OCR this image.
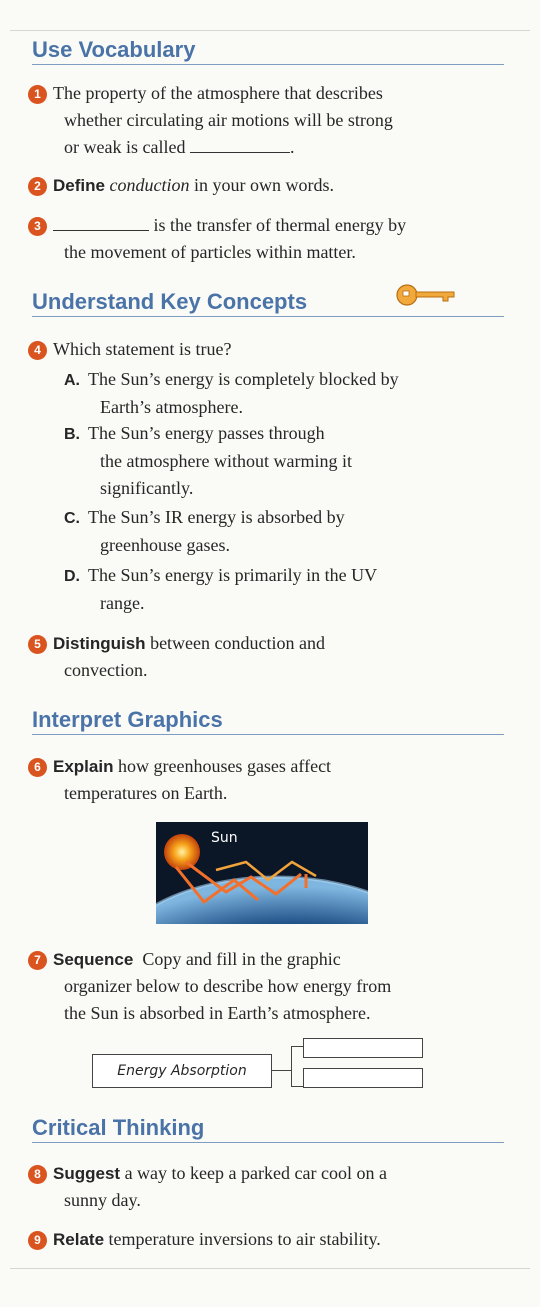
Use Vocabulary
1 The property of the atmosphere that describes
whether circulating air motions will be strong
or weak is called	.
2 Define conduction in your own words.
3	is the transfer of thermal energy by
the movement of particles within matter.
Understand Key Concepts
4 Which statement is true?
A. The Sun’s energy is completely blocked by
Earth’s atmosphere.
B. The Sun’s energy passes through
the atmosphere without warming it
significantly.
C. The Sun’s IR energy is absorbed by
greenhouse gases.
D. The Sun’s energy is primarily in the UV
range.
5 Distinguish between conduction and
convection.
Interpret Graphics
6 Explain how greenhouses gases affect
temperatures on Earth.
Sun
7 Sequence Copy and fill in the graphic
organizer below to describe how energy from
the Sun is absorbed in Earth’s atmosphere.
Energy Absorption
Critical Thinking
8 Suggest a way to keep a parked car cool on a
sunny day.
9 Relate temperature inversions to air stability.
